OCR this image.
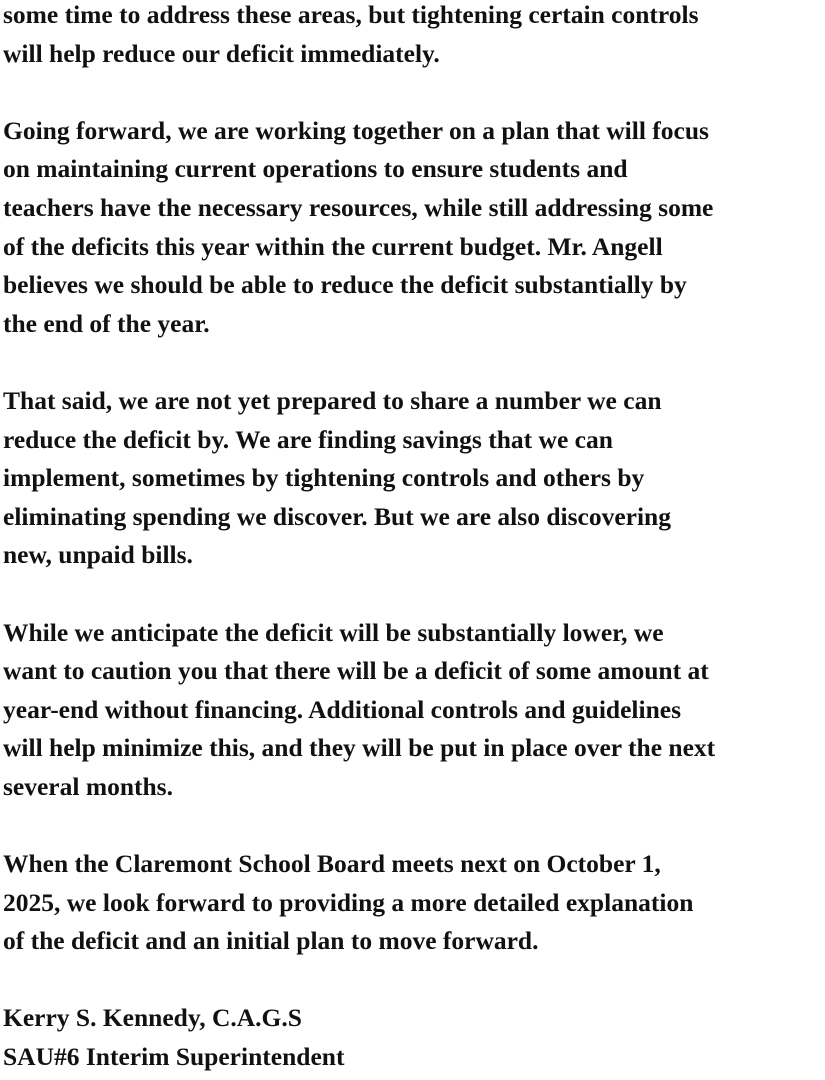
some time to address these areas, but tightening certain controls
will help reduce our deficit immediately.
Going forward, we are working together on a plan that will focus
on maintaining current operations to ensure students and
teachers have the necessary resources, while still addressing some
of the deficits this year within the current budget. Mr. Angell
believes we should be able to reduce the deficit substantially by
the end of the year.
That said, we are not yet prepared to share a number we can
reduce the deficit by. We are finding savings that we can
implement, sometimes by tightening controls and others by
eliminating spending we discover. But we are also discovering
new, unpaid bills.
While we anticipate the deficit will be substantially lower, we
want to caution you that there will be a deficit of some amount at
year-end without financing. Additional controls and guidelines
will help minimize this, and they will be put in place over the next
several months.
When the Claremont School Board meets next on October 1,
2025, we look forward to providing a more detailed explanation
of the deficit and an initial plan to move forward.
Kerry S. Kennedy, C.A.G.S
SAU#6 Interim Superintendent
